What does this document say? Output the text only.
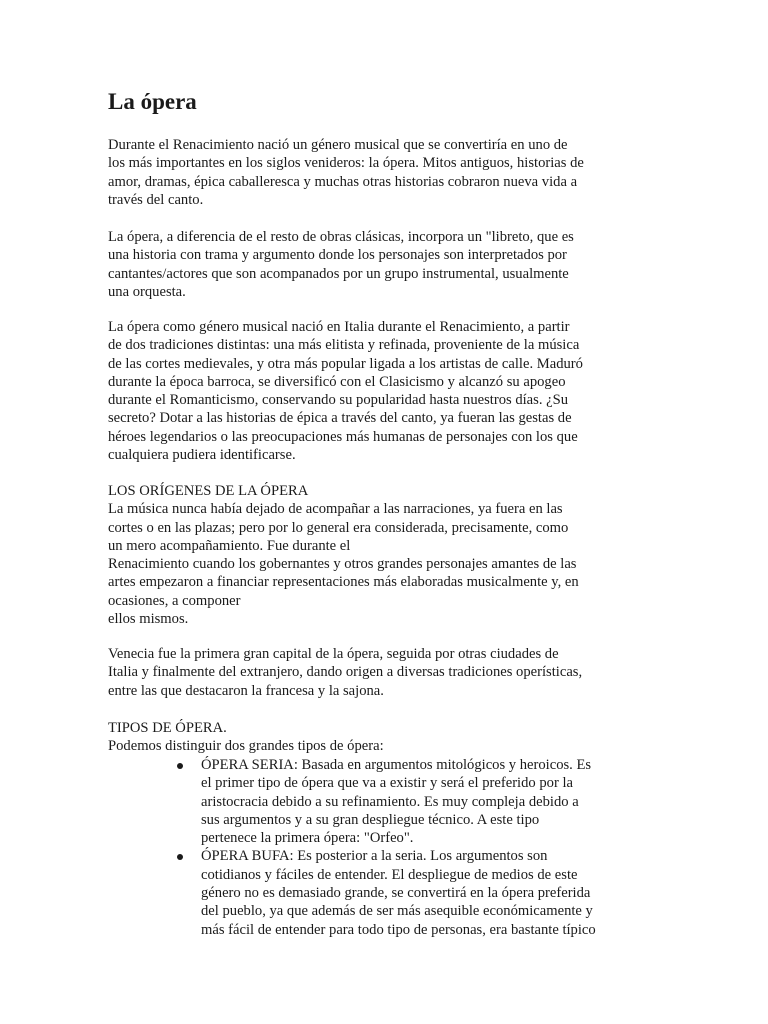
La ópera
Durante el Renacimiento nació un género musical que se convertiría en uno de
los más importantes en los siglos venideros: la ópera. Mitos antiguos, historias de
amor, dramas, épica caballeresca y muchas otras historias cobraron nueva vida a
través del canto.
La ópera, a diferencia de el resto de obras clásicas, incorpora un "libreto, que es
una historia con trama y argumento donde los personajes son interpretados por
cantantes/actores que son acompanados por un grupo instrumental, usualmente
una orquesta.
La ópera como género musical nació en Italia durante el Renacimiento, a partir
de dos tradiciones distintas: una más elitista y refinada, proveniente de la música
de las cortes medievales, y otra más popular ligada a los artistas de calle. Maduró
durante la época barroca, se diversificó con el Clasicismo y alcanzó su apogeo
durante el Romanticismo, conservando su popularidad hasta nuestros días. ¿Su
secreto? Dotar a las historias de épica a través del canto, ya fueran las gestas de
héroes legendarios o las preocupaciones más humanas de personajes con los que
cualquiera pudiera identificarse.
LOS ORÍGENES DE LA ÓPERA
La música nunca había dejado de acompañar a las narraciones, ya fuera en las
cortes o en las plazas; pero por lo general era considerada, precisamente, como
un mero acompañamiento. Fue durante el
Renacimiento cuando los gobernantes y otros grandes personajes amantes de las
artes empezaron a financiar representaciones más elaboradas musicalmente y, en
ocasiones, a componer
ellos mismos.
Venecia fue la primera gran capital de la ópera, seguida por otras ciudades de
Italia y finalmente del extranjero, dando origen a diversas tradiciones operísticas,
entre las que destacaron la francesa y la sajona.
TIPOS DE ÓPERA.
Podemos distinguir dos grandes tipos de ópera:
ÓPERA SERIA: Basada en argumentos mitológicos y heroicos. Es
el primer tipo de ópera que va a existir y será el preferido por la
aristocracia debido a su refinamiento. Es muy compleja debido a
sus argumentos y a su gran despliegue técnico. A este tipo
pertenece la primera ópera: "Orfeo".
ÓPERA BUFA: Es posterior a la seria. Los argumentos son
cotidianos y fáciles de entender. El despliegue de medios de este
género no es demasiado grande, se convertirá en la ópera preferida
del pueblo, ya que además de ser más asequible económicamente y
más fácil de entender para todo tipo de personas, era bastante típico
